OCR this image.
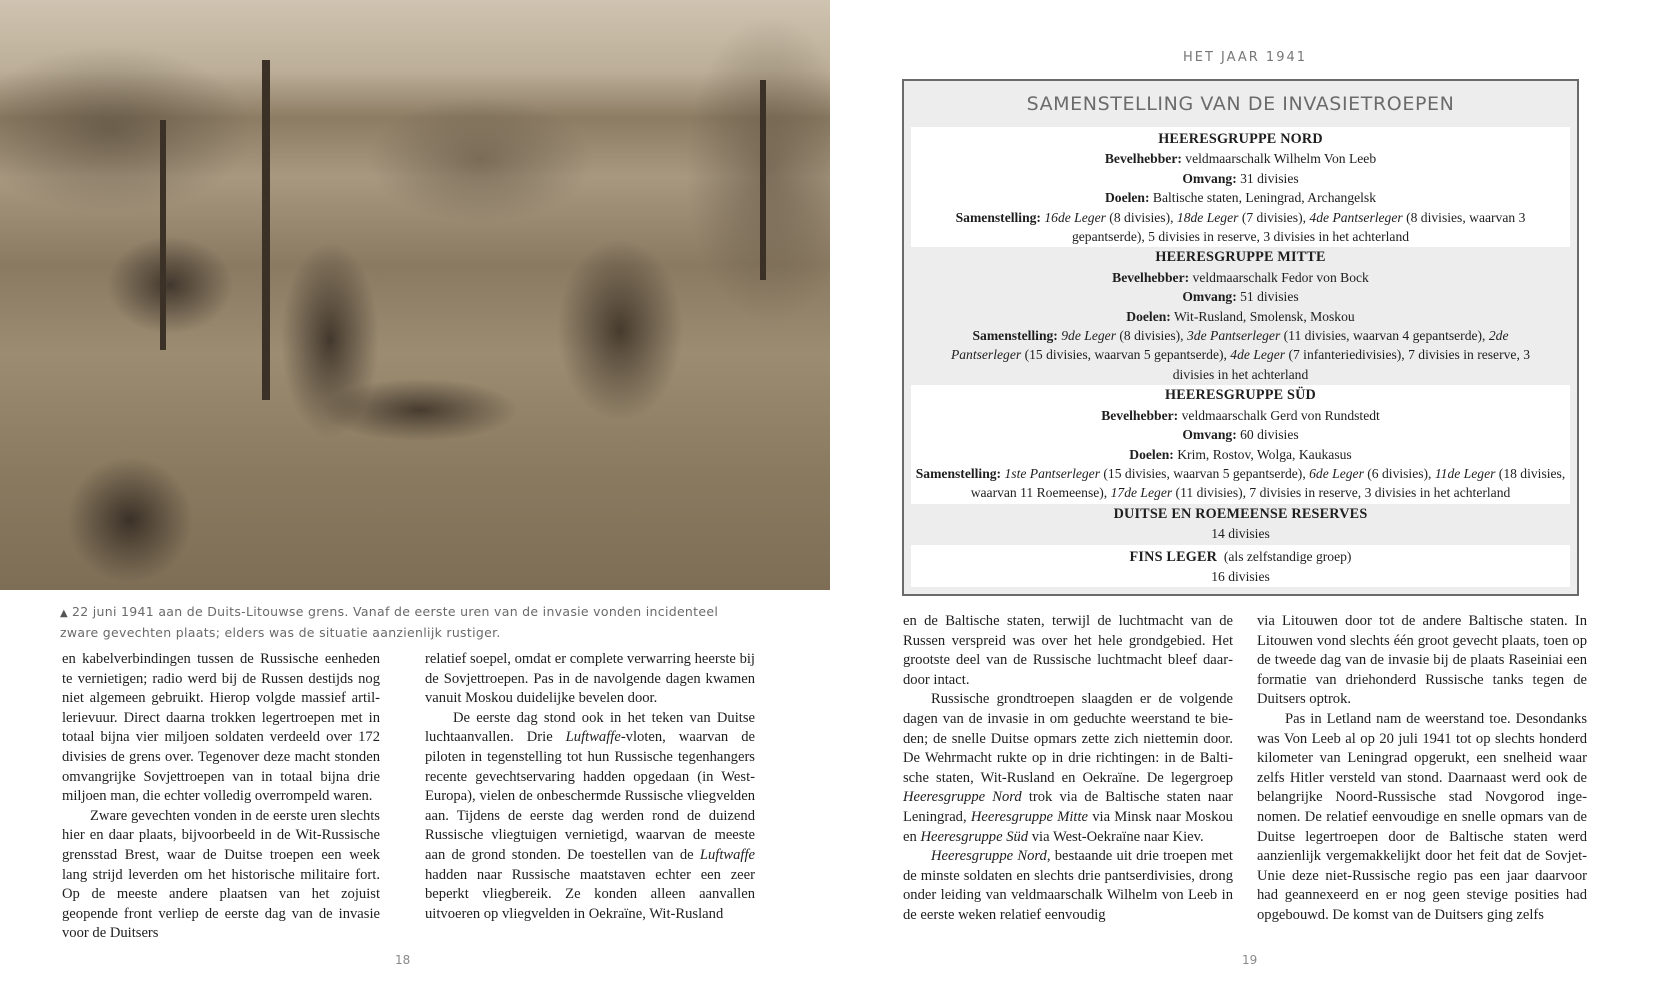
▲ 22 juni 1941 aan de Duits-Litouwse grens. Vanaf de eerste uren van de invasie vonden incidenteel zware gevechten plaats; elders was de situatie aanzienlijk rustiger.

en kabelverbindingen tussen de Russische eenheden te vernietigen; radio werd bij de Russen destijds nog niet algemeen gebruikt. Hierop volgde massief artillerievuur. Direct daarna trokken legertroepen met in totaal bijna vier miljoen soldaten verdeeld over 172 divisies de grens over. Tegenover deze macht stonden omvangrijke Sovjettroepen van in totaal bijna drie miljoen man, die echter volledig overrompeld waren.

Zware gevechten vonden in de eerste uren slechts hier en daar plaats, bijvoorbeeld in de Wit-Russische grensstad Brest, waar de Duitse troepen een week lang strijd leverden om het historische militaire fort. Op de meeste andere plaatsen van het zojuist geopende front verliep de eerste dag van de invasie voor de Duitsers

relatief soepel, omdat er complete verwarring heerste bij de Sovjettroepen. Pas in de navolgende dagen kwamen vanuit Moskou duidelijke bevelen door.

De eerste dag stond ook in het teken van Duitse luchtaanvallen. Drie Luftwaffe-vloten, waarvan de piloten in tegenstelling tot hun Russische tegenhangers recente gevechtservaring hadden opgedaan (in West-Europa), vielen de onbeschermde Russische vliegvelden aan. Tijdens de eerste dag werden rond de duizend Russische vliegtuigen vernietigd, waarvan de meeste aan de grond stonden. De toestellen van de Luftwaffe hadden naar Russische maatstaven echter een zeer beperkt vliegbereik. Ze konden alleen aanvallen uitvoeren op vliegvelden in Oekraïne, Wit-Rusland

18
HET JAAR 1941
SAMENSTELLING VAN DE INVASIETROEPEN
HEERESGRUPPE NORD
Bevelhebber: veldmaarschalk Wilhelm Von Leeb
Omvang: 31 divisies
Doelen: Baltische staten, Leningrad, Archangelsk
Samenstelling: 16de Leger (8 divisies), 18de Leger (7 divisies), 4de Pantserleger (8 divisies, waarvan 3 gepantserde), 5 divisies in reserve, 3 divisies in het achterland
HEERESGRUPPE MITTE
Bevelhebber: veldmaarschalk Fedor von Bock
Omvang: 51 divisies
Doelen: Wit-Rusland, Smolensk, Moskou
Samenstelling: 9de Leger (8 divisies), 3de Pantserleger (11 divisies, waarvan 4 gepantserde), 2de Pantserleger (15 divisies, waarvan 5 gepantserde), 4de Leger (7 infanteriedivisies), 7 divisies in reserve, 3 divisies in het achterland
HEERESGRUPPE SÜD
Bevelhebber: veldmaarschalk Gerd von Rundstedt
Omvang: 60 divisies
Doelen: Krim, Rostov, Wolga, Kaukasus
Samenstelling: 1ste Pantserleger (15 divisies, waarvan 5 gepantserde), 6de Leger (6 divisies), 11de Leger (18 divisies, waarvan 11 Roemeense), 17de Leger (11 divisies), 7 divisies in reserve, 3 divisies in het achterland
DUITSE EN ROEMEENSE RESERVES
14 divisies
FINS LEGER (als zelfstandige groep)
16 divisies

en de Baltische staten, terwijl de luchtmacht van de Russen verspreid was over het hele grondgebied. Het grootste deel van de Russische luchtmacht bleef daardoor intact.

Russische grondtroepen slaagden er de volgende dagen van de invasie in om geduchte weerstand te bieden; de snelle Duitse opmars zette zich niettemin door. De Wehrmacht rukte op in drie richtingen: in de Baltische staten, Wit-Rusland en Oekraïne. De legergroep Heeresgruppe Nord trok via de Baltische staten naar Leningrad, Heeresgruppe Mitte via Minsk naar Moskou en Heeresgruppe Süd via West-Oekraïne naar Kiev.

Heeresgruppe Nord, bestaande uit drie troepen met de minste soldaten en slechts drie pantserdivisies, drong onder leiding van veldmaarschalk Wilhelm von Leeb in de eerste weken relatief eenvoudig

via Litouwen door tot de andere Baltische staten. In Litouwen vond slechts één groot gevecht plaats, toen op de tweede dag van de invasie bij de plaats Raseiniai een formatie van driehonderd Russische tanks tegen de Duitsers optrok.

Pas in Letland nam de weerstand toe. Desondanks was Von Leeb al op 20 juli 1941 tot op slechts honderd kilometer van Leningrad opgerukt, een snelheid waar zelfs Hitler versteld van stond. Daarnaast werd ook de belangrijke Noord-Russische stad Novgorod ingenomen. De relatief eenvoudige en snelle opmars van de Duitse legertroepen door de Baltische staten werd aanzienlijk vergemakkelijkt door het feit dat de Sovjet-Unie deze niet-Russische regio pas een jaar daarvoor had geannexeerd en er nog geen stevige posities had opgebouwd. De komst van de Duitsers ging zelfs

19
